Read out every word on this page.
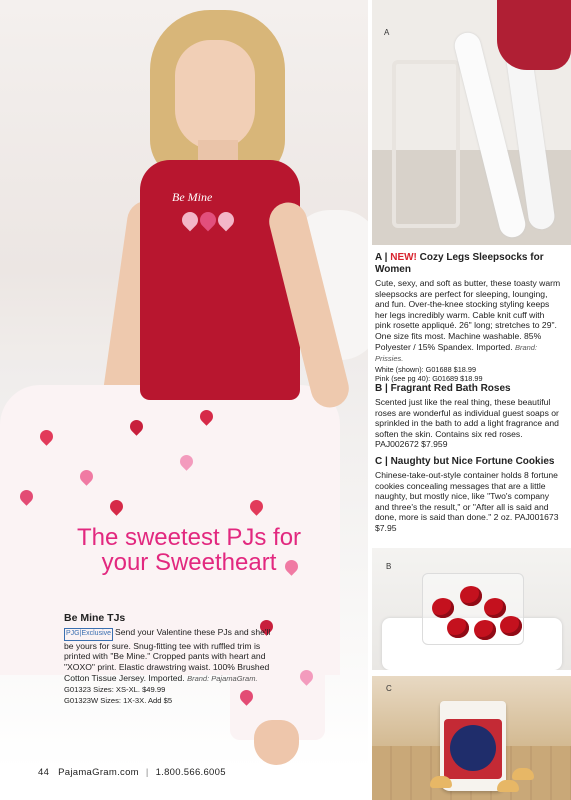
Be Mine
The sweetest PJs for your Sweetheart
Be Mine TJs
PJG|Exclusive Send your Valentine these PJs and she'll be yours for sure. Snug-fitting tee with ruffled trim is printed with "Be Mine." Cropped pants with heart and "XOXO" print. Elastic drawstring waist. 100% Brushed Cotton Tissue Jersey. Imported. Brand: PajamaGram.
G01323 Sizes: XS-XL. $49.99
G01323W Sizes: 1X-3X. Add $5
44 PajamaGram.com | 1.800.566.6005
A
A | NEW! Cozy Legs Sleepsocks for Women
Cute, sexy, and soft as butter, these toasty warm sleepsocks are perfect for sleeping, lounging, and fun. Over-the-knee stocking styling keeps her legs incredibly warm. Cable knit cuff with pink rosette appliqué. 26" long; stretches to 29". One size fits most. Machine washable. 85% Polyester / 15% Spandex. Imported. Brand: Prissies.
White (shown): G01688 $18.99
Pink (see pg 40): G01689 $18.99
B | Fragrant Red Bath Roses
Scented just like the real thing, these beautiful roses are wonderful as individual guest soaps or sprinkled in the bath to add a light fragrance and soften the skin. Contains six red roses. PAJ002672 $7.959
C | Naughty but Nice Fortune Cookies
Chinese-take-out-style container holds 8 fortune cookies concealing messages that are a little naughty, but mostly nice, like "Two's company and three's the result," or "After all is said and done, more is said than done." 2 oz. PAJ001673 $7.95
B
C
